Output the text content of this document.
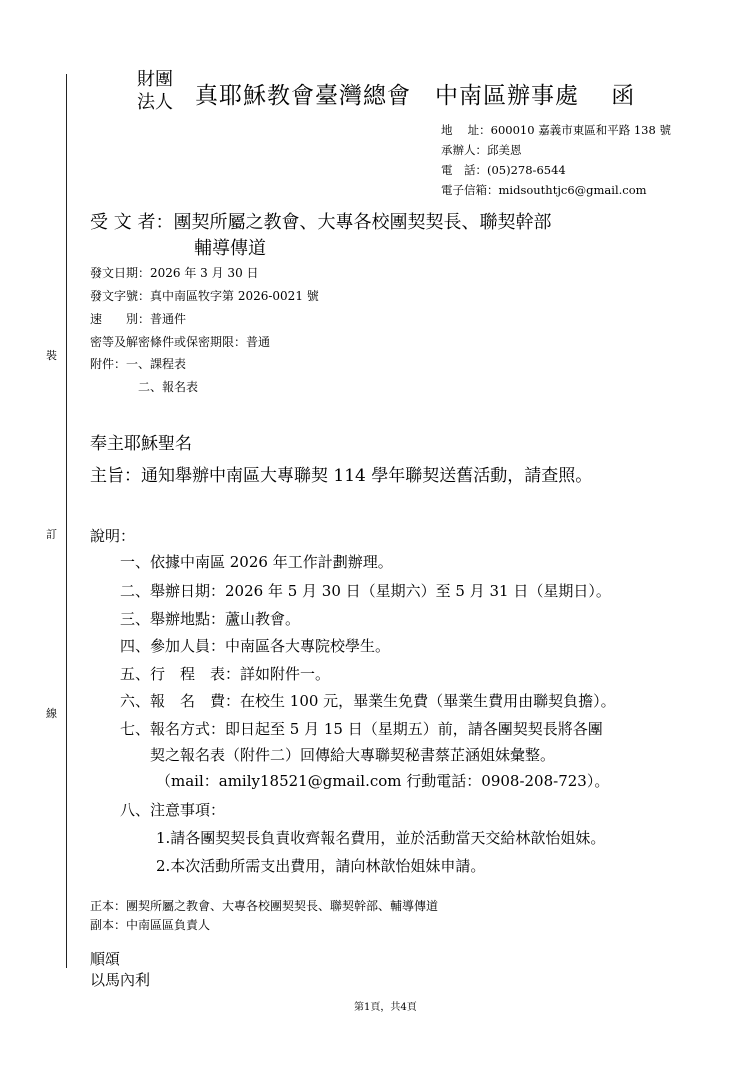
裝
訂
線
財團
法人 真耶穌教會臺灣總會　中南區辦事處　 函
地　 址：600010 嘉義市東區和平路 138 號
承辦人：邱美恩
電　話：(05)278-6544
電子信箱：midsouthtjc6@gmail.com
受 文 者：團契所屬之教會、大專各校團契契長、聯契幹部
輔導傳道
發文日期：2026 年 3 月 30 日
發文字號：真中南區牧字第 2026-0021 號
速　　別：普通件
密等及解密條件或保密期限：普通
附件：一、課程表
二、報名表
奉主耶穌聖名
主旨：通知舉辦中南區大專聯契 114 學年聯契送舊活動，請查照。
說明：
一、依據中南區 2026 年工作計劃辦理。
二、舉辦日期：2026 年 5 月 30 日（星期六）至 5 月 31 日（星期日）。
三、舉辦地點：蘆山教會。
四、參加人員：中南區各大專院校學生。
五、行　程　表：詳如附件一。
六、報　名　費：在校生 100 元，畢業生免費（畢業生費用由聯契負擔）。
七、報名方式：即日起至 5 月 15 日（星期五）前，請各團契契長將各團
契之報名表（附件二）回傳給大專聯契秘書蔡芷涵姐妹彙整。
（mail：amily18521@gmail.com 行動電話：0908-208-723）。
八、注意事項：
1.請各團契契長負責收齊報名費用，並於活動當天交給林歆怡姐妹。
2.本次活動所需支出費用，請向林歆怡姐妹申請。
正本：團契所屬之教會、大專各校團契契長、聯契幹部、輔導傳道
副本：中南區區負責人
順頌
以馬內利
第1頁，共4頁
